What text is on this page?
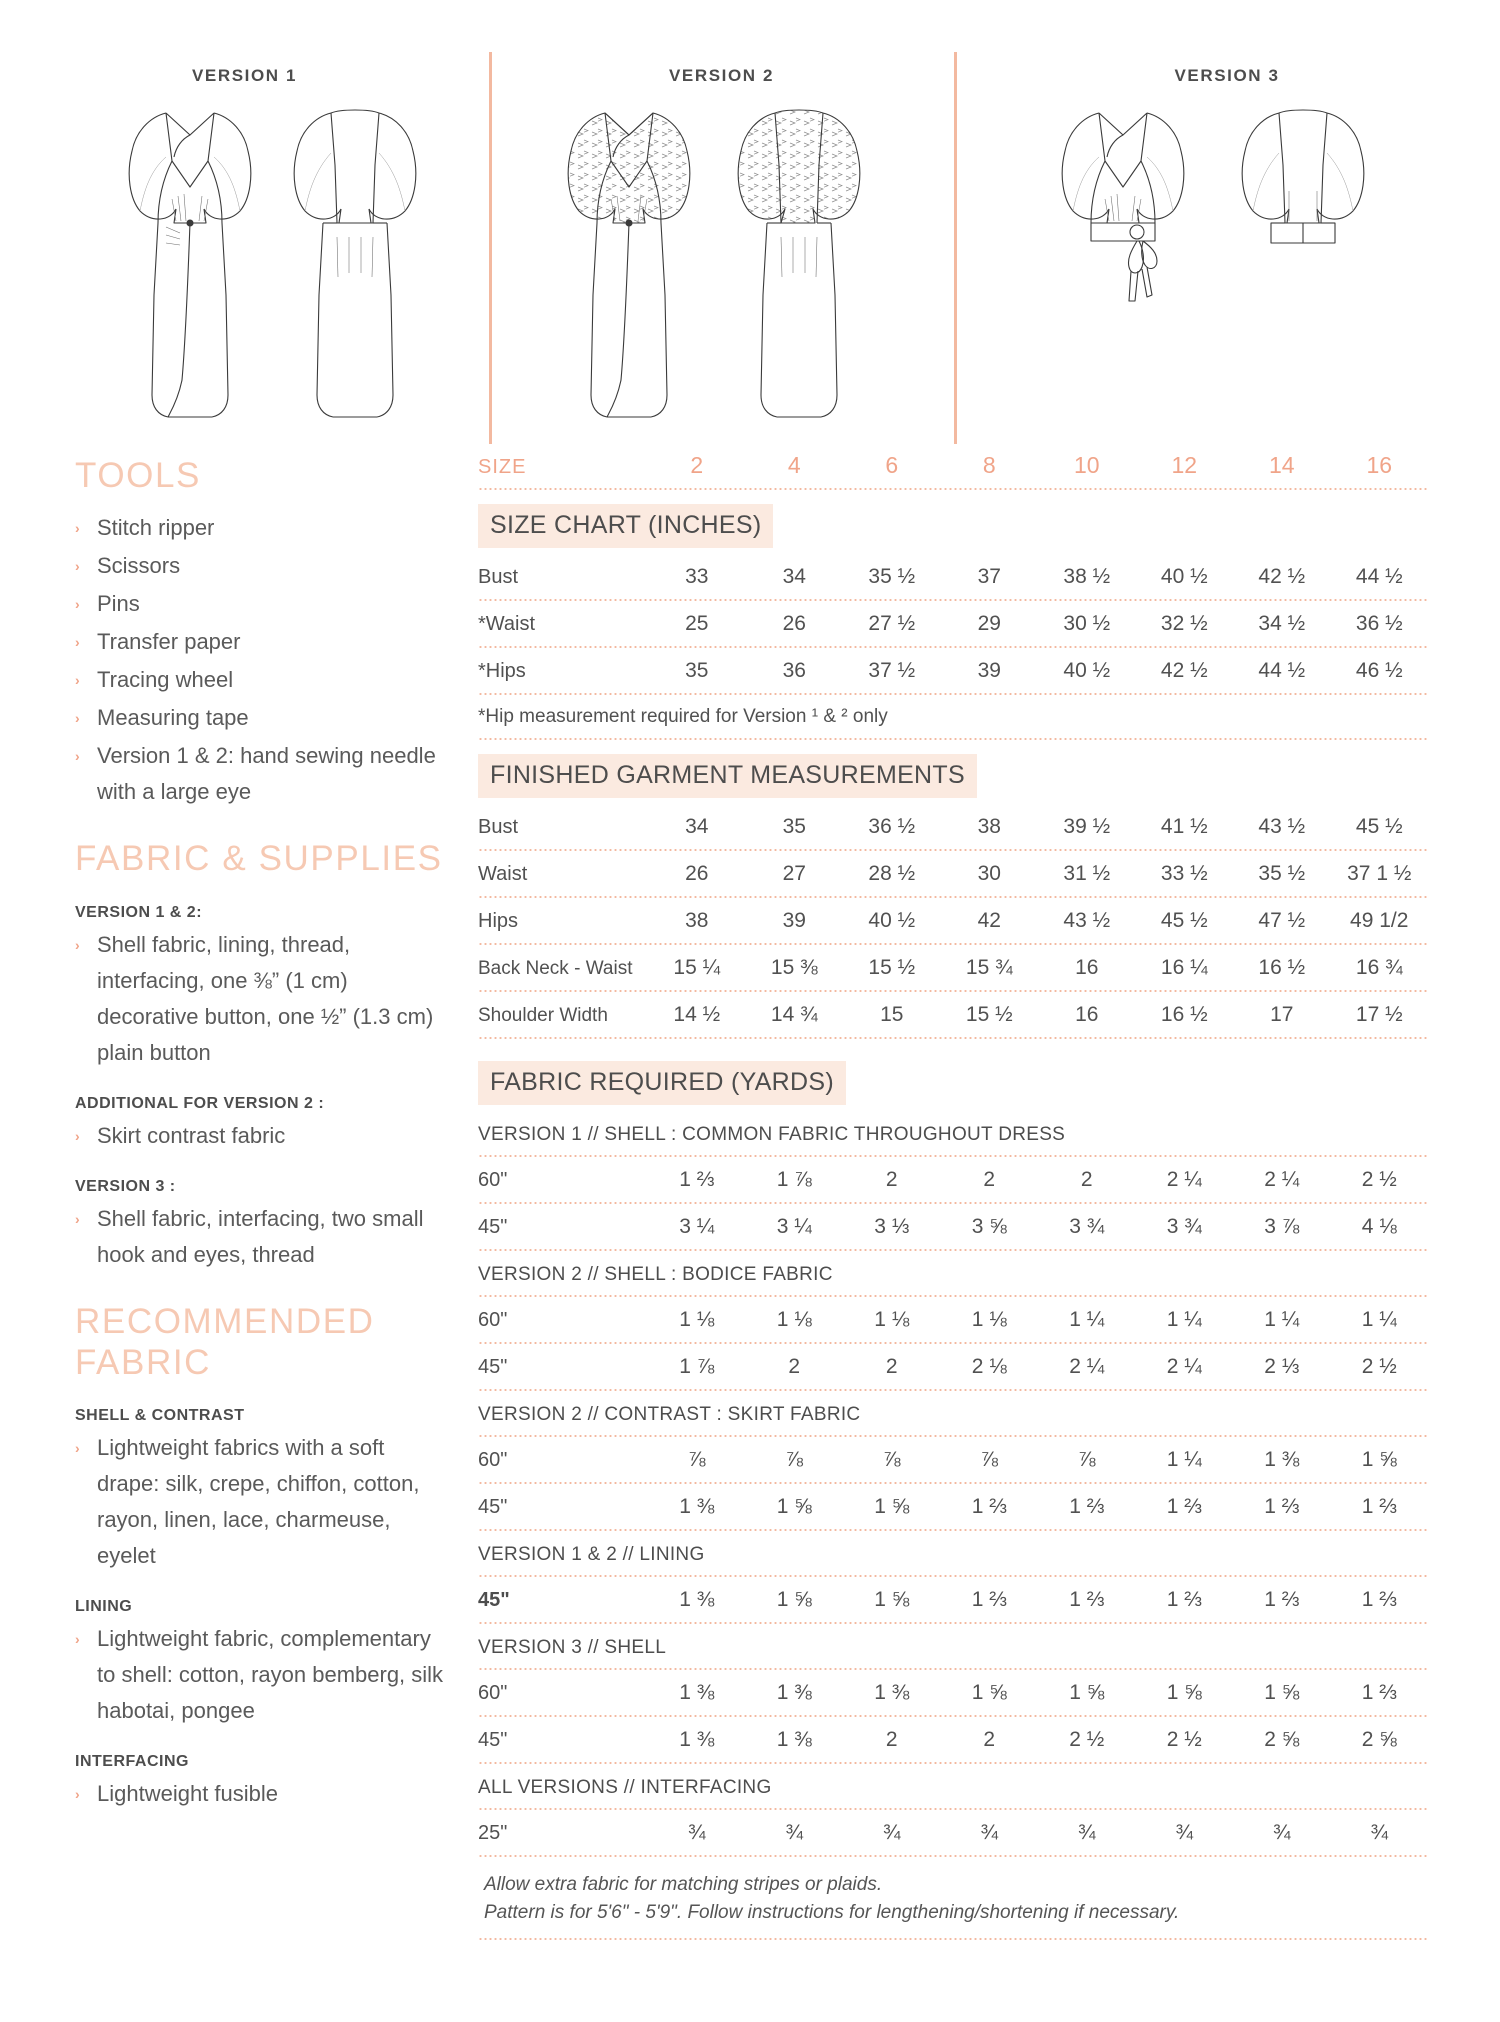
VERSION 1	VERSION 2	VERSION 3
TOOLS
› Stitch ripper
› Scissors
› Pins
› Transfer paper
› Tracing wheel
› Measuring tape
› Version 1 & 2: hand sewing needle with a large eye
FABRIC & SUPPLIES
VERSION 1 & 2:
› Shell fabric, lining, thread, interfacing, one ⅜” (1 cm) decorative button, one ½” (1.3 cm) plain button
ADDITIONAL FOR VERSION 2 :
› Skirt contrast fabric
VERSION 3 :
› Shell fabric, interfacing, two small hook and eyes, thread
RECOMMENDED FABRIC
SHELL & CONTRAST
› Lightweight fabrics with a soft drape: silk, crepe, chiffon, cotton, rayon, linen, lace, charmeuse, eyelet
LINING
› Lightweight fabric, complementary to shell: cotton, rayon bemberg, silk habotai, pongee
INTERFACING
› Lightweight fusible
SIZE	2	4	6	8	10	12	14	16
SIZE CHART (INCHES)
Bust	33	34	35 ½	37	38 ½	40 ½	42 ½	44 ½
*Waist	25	26	27 ½	29	30 ½	32 ½	34 ½	36 ½
*Hips	35	36	37 ½	39	40 ½	42 ½	44 ½	46 ½
*Hip measurement required for Version ¹ & ² only
FINISHED GARMENT MEASUREMENTS
Bust	34	35	36 ½	38	39 ½	41 ½	43 ½	45 ½
Waist	26	27	28 ½	30	31 ½	33 ½	35 ½	37 1 ½
Hips	38	39	40 ½	42	43 ½	45 ½	47 ½	49 1/2
Back Neck - Waist	15 ¼	15 ⅜	15 ½	15 ¾	16	16 ¼	16 ½	16 ¾
Shoulder Width	14 ½	14 ¾	15	15 ½	16	16 ½	17	17 ½
FABRIC REQUIRED (YARDS)
VERSION 1 // SHELL : COMMON FABRIC THROUGHOUT DRESS
60"	1 ⅔	1 ⅞	2	2	2	2 ¼	2 ¼	2 ½
45"	3 ¼	3 ¼	3 ⅓	3 ⅝	3 ¾	3 ¾	3 ⅞	4 ⅛
VERSION 2 // SHELL : BODICE FABRIC
60"	1 ⅛	1 ⅛	1 ⅛	1 ⅛	1 ¼	1 ¼	1 ¼	1 ¼
45"	1 ⅞	2	2	2 ⅛	2 ¼	2 ¼	2 ⅓	2 ½
VERSION 2 // CONTRAST : SKIRT FABRIC
60"	⅞	⅞	⅞	⅞	⅞	1 ¼	1 ⅜	1 ⅝
45"	1 ⅜	1 ⅝	1 ⅝	1 ⅔	1 ⅔	1 ⅔	1 ⅔	1 ⅔
VERSION 1 & 2 // LINING
45"	1 ⅜	1 ⅝	1 ⅝	1 ⅔	1 ⅔	1 ⅔	1 ⅔	1 ⅔
VERSION 3 // SHELL
60"	1 ⅜	1 ⅜	1 ⅜	1 ⅝	1 ⅝	1 ⅝	1 ⅝	1 ⅔
45"	1 ⅜	1 ⅜	2	2	2 ½	2 ½	2 ⅝	2 ⅝
ALL VERSIONS // INTERFACING
25"	¾	¾	¾	¾	¾	¾	¾	¾
Allow extra fabric for matching stripes or plaids.
Pattern is for 5'6" - 5'9". Follow instructions for lengthening/shortening if necessary.
